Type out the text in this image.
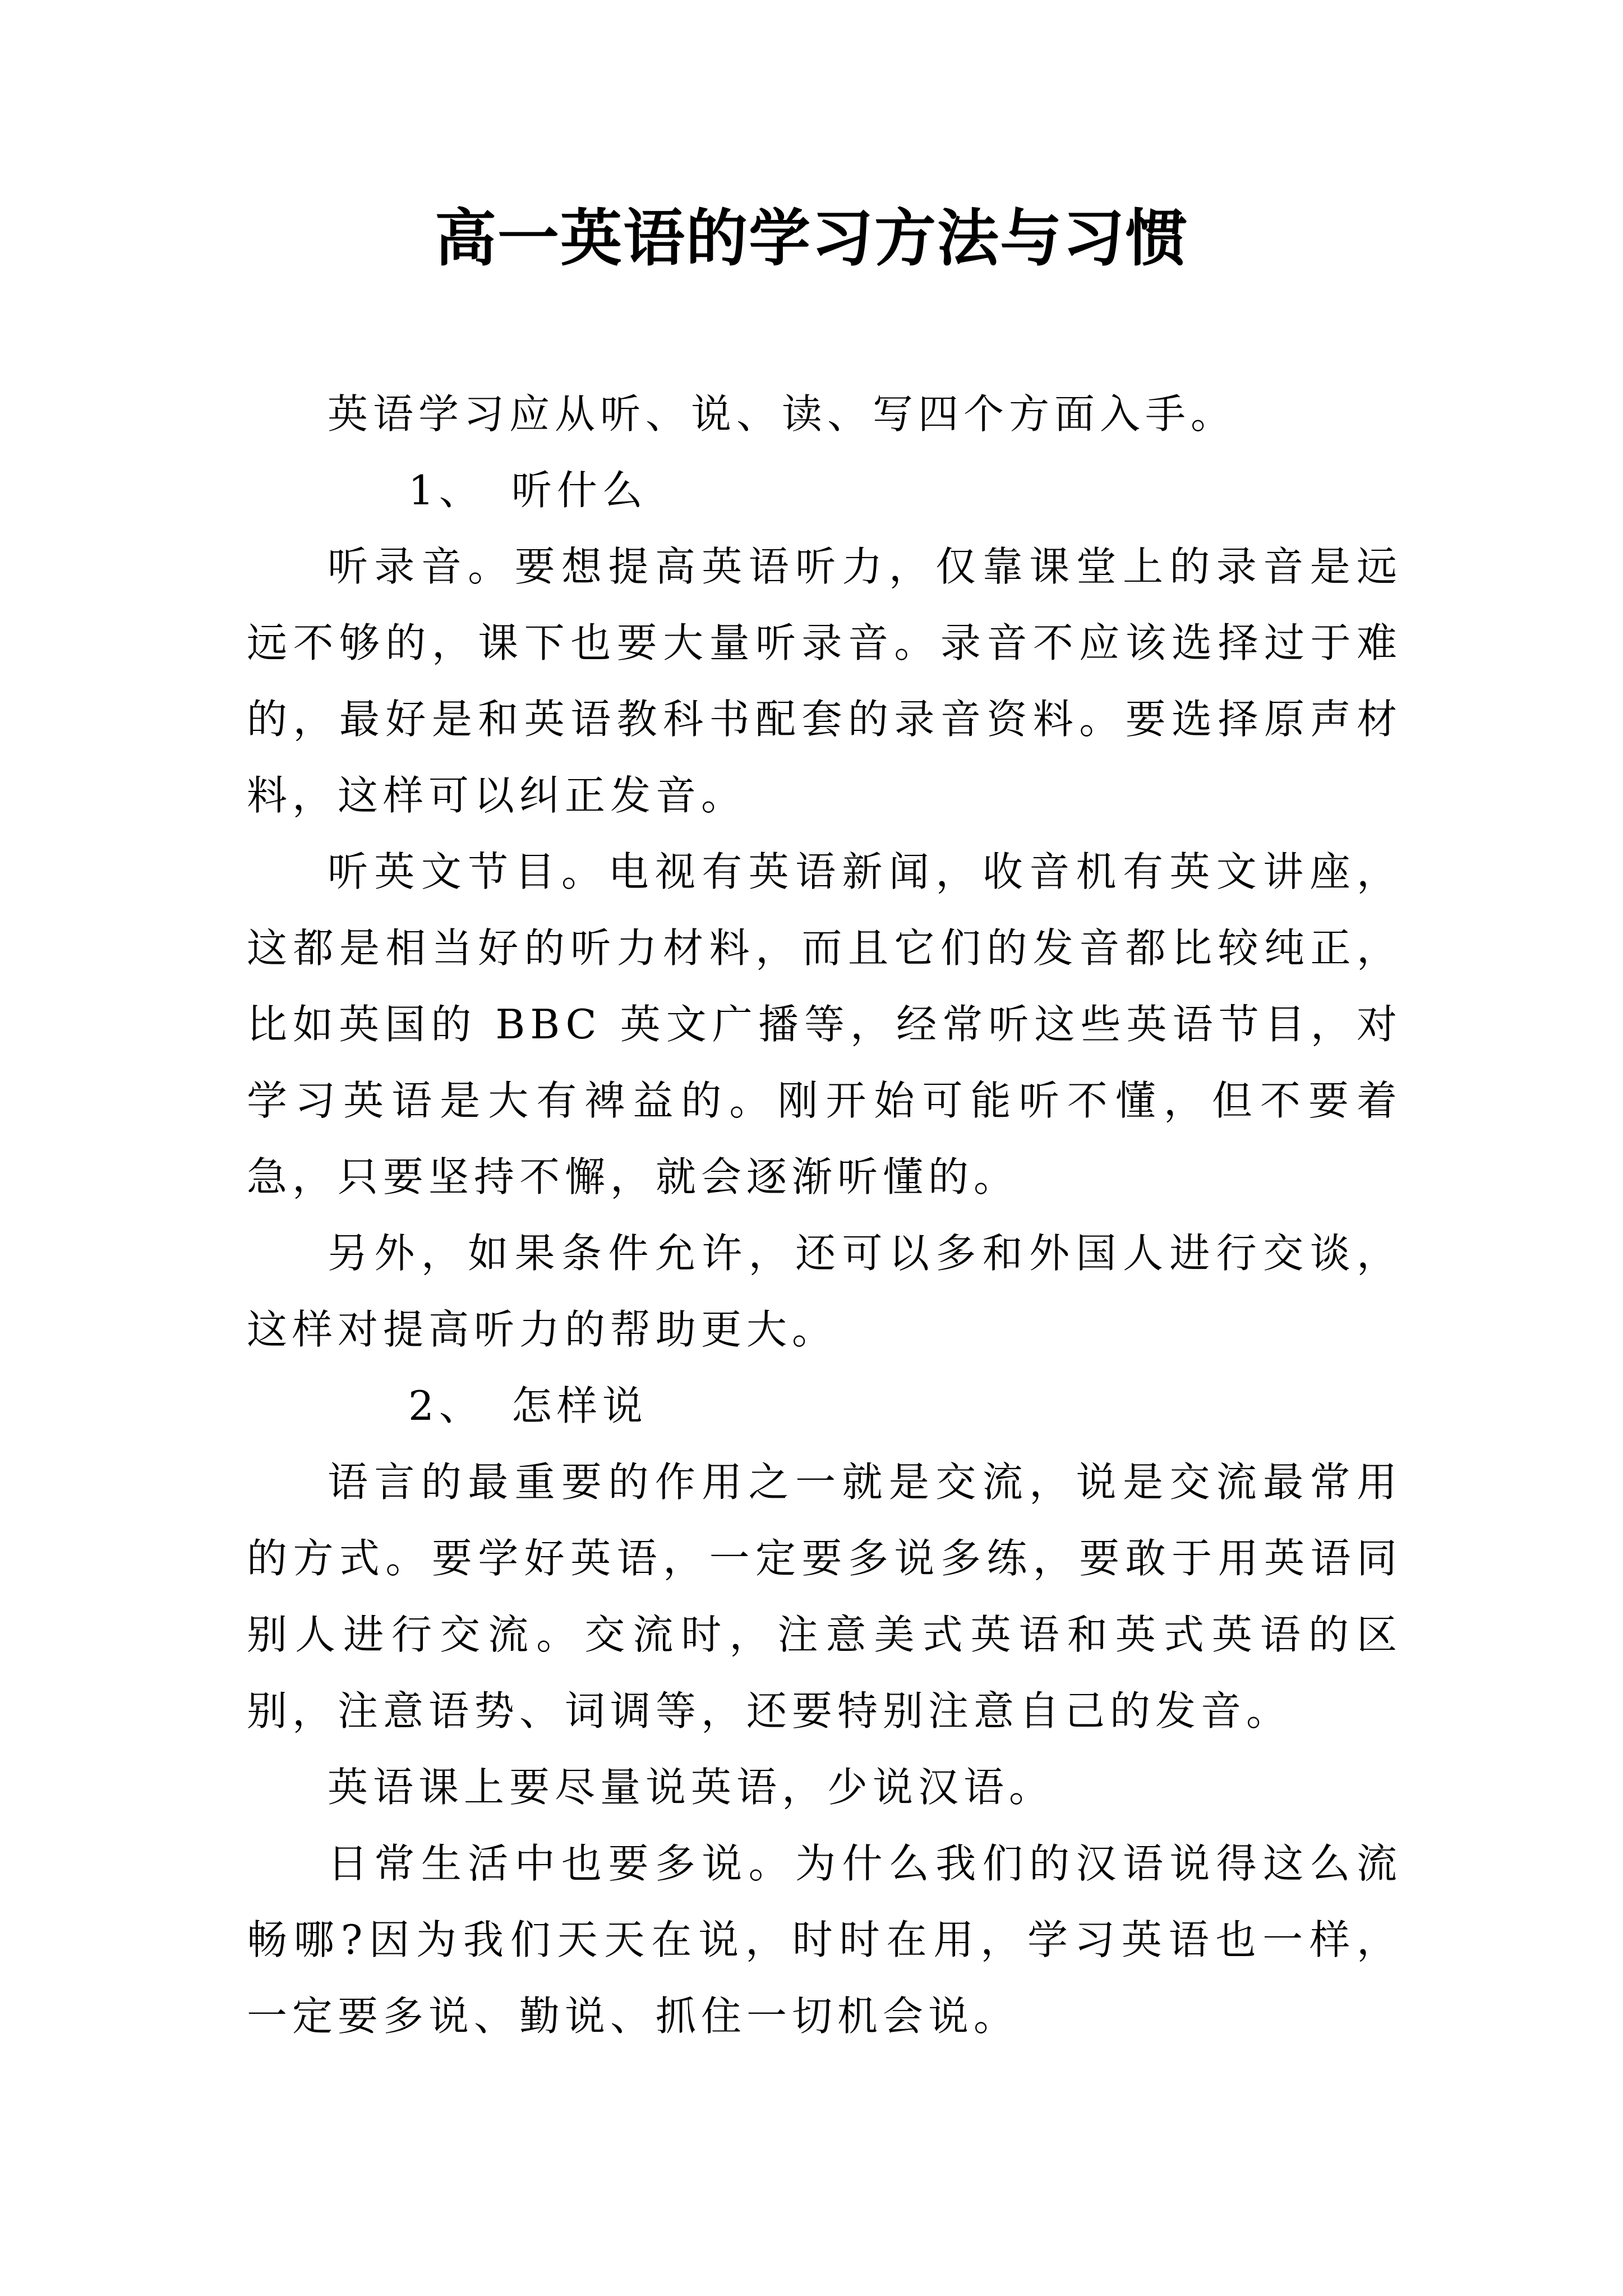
高一英语的学习方法与习惯

英语学习应从听、说、读、写四个方面入手。

1、 听什么

听录音。要想提高英语听力，仅靠课堂上的录音是远远不够的，课下也要大量听录音。录音不应该选择过于难的，最好是和英语教科书配套的录音资料。要选择原声材料，这样可以纠正发音。

听英文节目。电视有英语新闻，收音机有英文讲座，这都是相当好的听力材料，而且它们的发音都比较纯正，比如英国的 BBC 英文广播等，经常听这些英语节目，对学习英语是大有裨益的。刚开始可能听不懂，但不要着急，只要坚持不懈，就会逐渐听懂的。

另外，如果条件允许，还可以多和外国人进行交谈，这样对提高听力的帮助更大。

2、 怎样说

语言的最重要的作用之一就是交流，说是交流最常用的方式。要学好英语，一定要多说多练，要敢于用英语同别人进行交流。交流时，注意美式英语和英式英语的区别，注意语势、词调等，还要特别注意自己的发音。

英语课上要尽量说英语，少说汉语。

日常生活中也要多说。为什么我们的汉语说得这么流畅哪?因为我们天天在说，时时在用，学习英语也一样，一定要多说、勤说、抓住一切机会说。
